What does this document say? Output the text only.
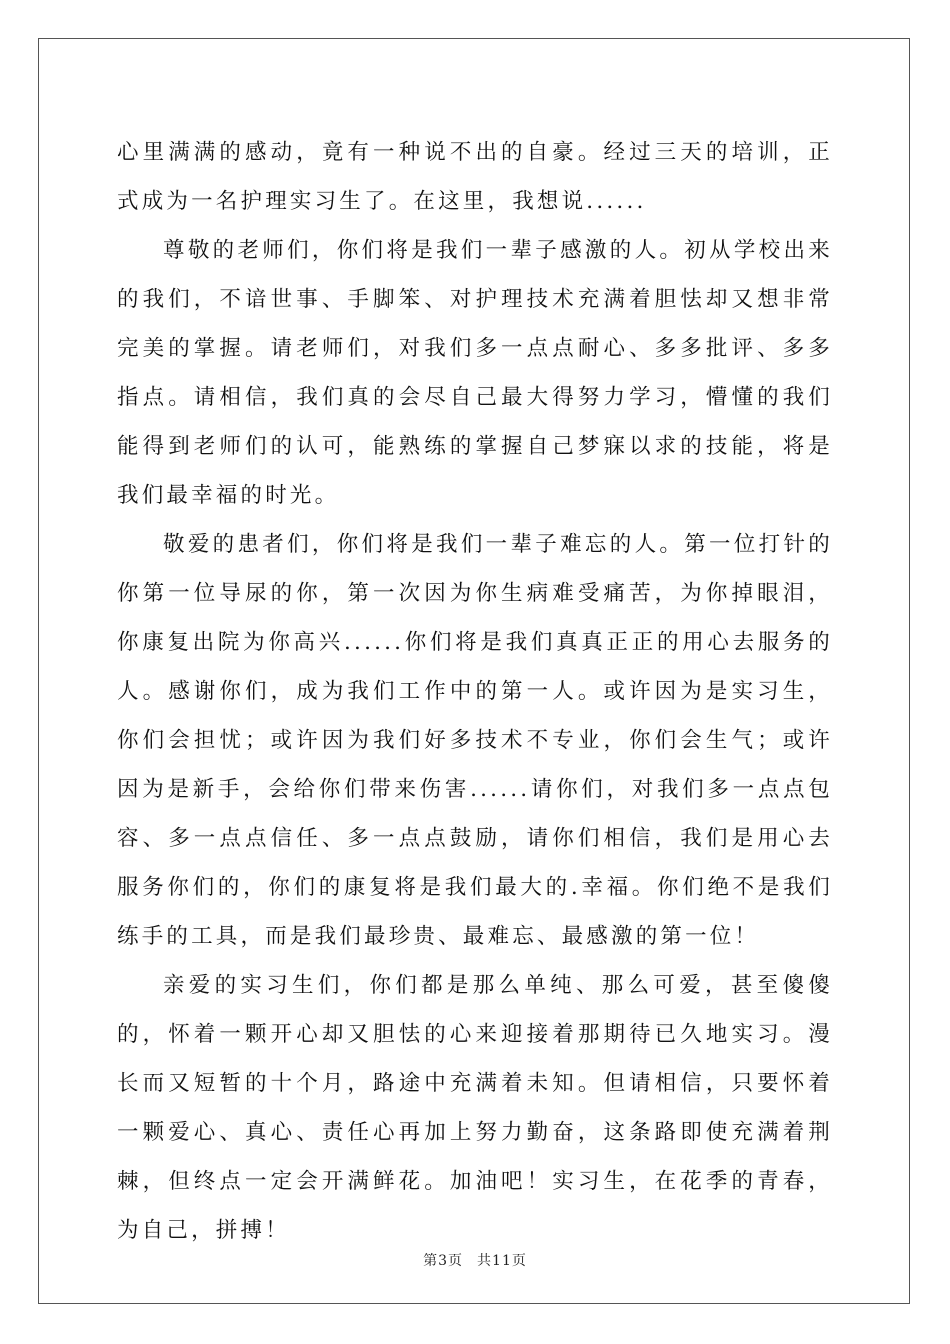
心里满满的感动，竟有一种说不出的自豪。经过三天的培训，正式成为一名护理实习生了。在这里，我想说......

尊敬的老师们，你们将是我们一辈子感激的人。初从学校出来的我们，不谙世事、手脚笨、对护理技术充满着胆怯却又想非常完美的掌握。请老师们，对我们多一点点耐心、多多批评、多多指点。请相信，我们真的会尽自己最大得努力学习，懵懂的我们能得到老师们的认可，能熟练的掌握自己梦寐以求的技能，将是我们最幸福的时光。

敬爱的患者们，你们将是我们一辈子难忘的人。第一位打针的你第一位导尿的你，第一次因为你生病难受痛苦，为你掉眼泪，你康复出院为你高兴......你们将是我们真真正正的用心去服务的人。感谢你们，成为我们工作中的第一人。或许因为是实习生，你们会担忧；或许因为我们好多技术不专业，你们会生气；或许因为是新手，会给你们带来伤害......请你们，对我们多一点点包容、多一点点信任、多一点点鼓励，请你们相信，我们是用心去服务你们的，你们的康复将是我们最大的.幸福。你们绝不是我们练手的工具，而是我们最珍贵、最难忘、最感激的第一位！

亲爱的实习生们，你们都是那么单纯、那么可爱，甚至傻傻的，怀着一颗开心却又胆怯的心来迎接着那期待已久地实习。漫长而又短暂的十个月，路途中充满着未知。但请相信，只要怀着一颗爱心、真心、责任心再加上努力勤奋，这条路即使充满着荆棘，但终点一定会开满鲜花。加油吧！实习生，在花季的青春，为自己，拼搏！

第3页 共11页
